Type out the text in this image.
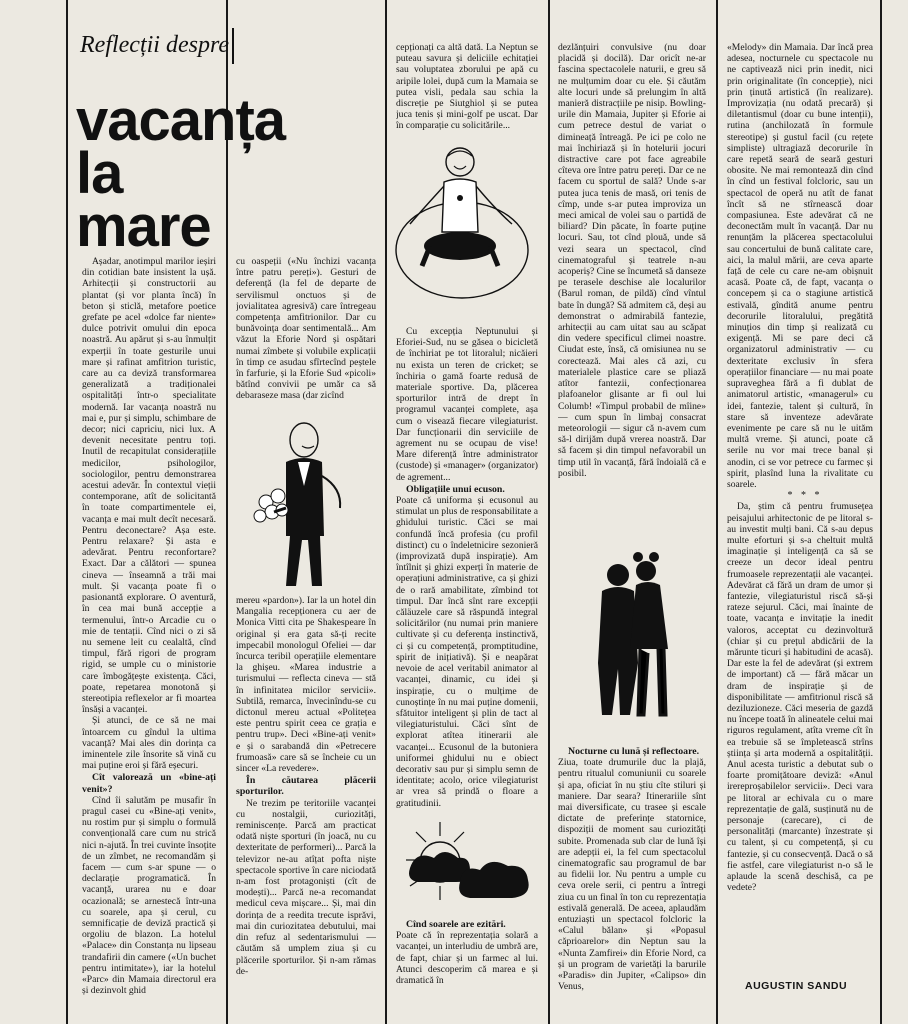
Reflecții despre
vacanța
la
mare

Așadar, anotimpul marilor ieșiri din cotidian bate insistent la ușă. Arhitecții și constructorii au plantat (și vor planta încă) în beton și sticlă, metafore poetice grefate pe acel «dolce far niente» dulce potrivit omului din epoca noastră. Au apărut și s-au înmulțit experții în toate gesturile unui mare și rafinat amfitrion turistic, care au ca deviză transformarea generalizată a tradiționalei ospitalități într-o specialitate modernă. Iar vacanța noastră nu mai e, pur și simplu, schimbare de decor; nici capriciu, nici lux. A devenit necesitate pentru toți. Inutil de recapitulat considerațiile medicilor, psihologilor, sociologilor, pentru demonstrarea acestui adevăr. În contextul vieții contemporane, atît de solicitantă în toate compartimentele ei, vacanța e mai mult decît necesară. Pentru deconectare? Așa este. Pentru relaxare? Și asta e adevărat. Pentru reconfortare? Exact. Dar a călători — spunea cineva — înseamnă a trăi mai mult. Și vacanța poate fi o pasionantă explorare. O aventură, în cea mai bună accepție a termenului, într-o Arcadie cu o mie de tentații. Cînd nici o zi să nu semene leit cu cealaltă, cînd timpul, fără rigori de program rigid, se umple cu o ministorie care îmbogățește existența. Căci, poate, repetarea monotonă și stereotipia reflexelor ar fi moartea însăși a vacanței.

Și atunci, de ce să ne mai întoarcem cu gîndul la ultima vacanță? Mai ales din dorința ca iminentele zile însorite să vină cu mai puține eroi și fără eșecuri.

Cît valorează un «bine-ați venit»?

Cînd îi salutăm pe musafir în pragul casei cu «Bine-ați venit», nu rostim pur și simplu o formulă convențională care cum nu strică nici n-ajută. În trei cuvinte însoțite de un zîmbet, ne recomandăm și facem — cum s-ar spune — o declarație programatică. În vacanță, urarea nu e doar ocazională; se arnestecă într-una cu soarele, apa și cerul, cu semnificație de deviză practică și orgoliu de blazon. La hotelul «Palace» din Constanța nu lipseau trandafirii din camere («Un buchet pentru intimitate»), iar la hotelul «Parc» din Mamaia directorul era și dezinvolt ghid

cu oaspeții («Nu închizi vacanța între patru pereți»). Gesturi de deferență (la fel de departe de servilismul onctuos și de jovialitatea agresivă) care întregeau competența amfitrionilor. Dar cu bunăvoința doar sentimentală... Am văzut la Eforie Nord și ospătari numai zîmbete și volubile explicații în timp ce asudau sfîrtecînd peștele în farfurie, și la Eforie Sud «picoli» bătînd convivii pe umăr ca să debaraseze masa (dar zicînd

mereu «pardon»). Iar la un hotel din Mangalia recepționera cu aer de Monica Vitti cita pe Shakespeare în original și era gata să-ți recite impecabil monologul Ofeliei — dar încurca teribil operațiile elementare la ghișeu. «Marea industrie a turismului — reflecta cineva — stă în infinitatea micilor servicii». Subtilă, remarca, învecinîndu-se cu dictonul mereu actual «Politețea este pentru spirit ceea ce grația e pentru trup». Deci «Bine-ați venit» e și o sarabandă din «Petrecere frumoasă» care să se încheie cu un sincer «La revedere».

În căutarea plăcerii sporturilor.

Ne trezim pe teritoriile vacanței cu nostalgii, curiozități, reminiscențe. Parcă am practicat odată niște sporturi (în joacă, nu cu dexteritate de performeri)... Parcă la televizor ne-au atîțat pofta niște spectacole sportive în care niciodată n-am fost protagoniști (cît de modești)... Parcă ne-a recomandat medicul ceva mișcare... Și, mai din dorința de a reedita trecute isprăvi, mai din curiozitatea debutului, mai din refuz al sedentarismului — căutăm să umplem ziua și cu plăcerile sporturilor. Și n-am rămas de-

cepționați ca altă dată. La Neptun se puteau savura și deliciile echitației sau voluptatea zborului pe apă cu aripile lolei, după cum la Mamaia se putea visli, pedala sau schia la discreție pe Siutghiol și se putea juca tenis și mini-golf pe uscat. Dar în comparație cu solicitările...

Cu excepția Neptunului și Eforiei-Sud, nu se găsea o bicicletă de închiriat pe tot litoralul; nicăieri nu exista un teren de cricket; se închiria o gamă foarte redusă de materiale sportive. Da, plăcerea sporturilor intră de drept în programul vacanței complete, așa cum o visează fiecare vilegiaturist. Dar funcționarii din serviciile de agrement nu se ocupau de vise! Mare diferență între administrator (custode) și «manager» (organizator) de agrement...

Obligațiile unui ecuson.

Poate că uniforma și ecusonul au stimulat un plus de responsabilitate a ghidului turistic. Căci se mai confundă încă profesia (cu profil distinct) cu o îndeletnicire sezonieră (improvizată după inspirație). Am întîlnit și ghizi experți în materie de operațiuni administrative, ca și ghizi de o rară amabilitate, zîmbind tot timpul. Dar încă sînt rare excepții căläuzele care să răspundă integral solicitărilor (nu numai prin maniere cultivate și cu deferența instinctivă, ci și cu competență, promptitudine, spirit de inițiativă). Și e neapărat nevoie de acel veritabil animator al vacanței, dinamic, cu idei și inspirație, cu o mulțime de cunoștințe în nu mai puține domenii, sfătuitor inteligent și plin de tact al vilegiaturistului. Căci sînt de explorat atîtea itinerarii ale vacanței... Ecusonul de la butoniera uniformei ghidului nu e obiect decorativ sau pur și simplu semn de identitate; acolo, orice vilegiaturist ar vrea să prindă o floare a gratitudinii.

Cînd soarele are ezitări.

Poate că în reprezentația solară a vacanței, un interludiu de umbră are, de fapt, chiar și un farmec al lui. Atunci descoperim că marea e și dramatică în

dezlănțuiri convulsive (nu doar placidă și docilă). Dar oricît ne-ar fascina spectacolele naturii, e greu să ne mulțumim doar cu ele. Și căutăm alte locuri unde să prelungim în altă manieră distracțiile pe nisip. Bowling-urile din Mamaia, Jupiter și Eforie ai cum petrece destul de variat o dimineață întreagă. Pe ici pe colo ne mai închiriază și în hotelurii jocuri distractive care pot face agreabile cîteva ore între patru pereți. Dar ce ne facem cu sportul de sală? Unde s-ar putea juca tenis de masă, ori tenis de cîmp, unde s-ar putea improviza un meci amical de volei sau o partidă de biliard? Din păcate, în foarte puține locuri. Sau, tot cînd plouă, unde să vezi seara un spectacol, cînd cinematograful și teatrele n-au acoperiș? Cine se încumetă să danseze pe terasele deschise ale localurilor (Barul roman, de pildă) cînd vîntul bate în dungă? Să admitem că, deși au demonstrat o admirabilă fantezie, arhitecții au cam uitat sau au scăpat din vedere specificul climei noastre. Ciudat este, însă, că omisiunea nu se corectează. Mai ales că azi, cu materialele plastice care se pliază atîtor fantezii, confecționarea plafoanelor glisante ar fi oul lui Columb! «Timpul probabil de mîine» — cum spun în limbaj consacrat meteorologii — sigur că n-avem cum să-l dirijăm după vrerea noastră. Dar să facem și din timpul nefavorabil un timp util în vacanță, fără îndoială că e posibil.

Nocturne cu lună și reflectoare.

Ziua, toate drumurile duc la plajă, pentru ritualul comuniunii cu soarele și apa, oficiat în nu știu cîte stiluri și maniere. Dar seara? Itinerariile sînt mai diversificate, cu trasee și escale dictate de preferințe statornice, dispoziții de moment sau curiozități subite. Promenada sub clar de lună își are adepții ei, la fel cum spectacolul cinematografic sau programul de bar au fidelii lor. Nu pentru a umple cu ceva orele serii, ci pentru a întregi ziua cu un final în ton cu reprezentația estivală generală. De aceea, aplaudăm entuziaști un spectacol folcloric la «Calul bălan» și «Popasul căprioarelor» din Neptun sau la «Nunta Zamfirei» din Eforie Nord, ca și un program de varietăți la barurile «Paradis» din Jupiter, «Calipso» din Venus,

«Melody» din Mamaia. Dar încă prea adesea, nocturnele cu spectacole nu ne captivează nici prin inedit, nici prin originalitate (în concepție), nici prin ținută artistică (în realizare). Improvizația (nu odată precară) și diletantismul (doar cu bune intenții), rutina (anchilozată în formule stereotipe) și gustul facil (cu rețete simpliste) ultragiază decorurile în care repetă seară de seară gesturi obosite. Ne mai remontează din cînd în cînd un festival folcloric, sau un spectacol de operă nu atît de fanat încît să ne stîrnească doar compasiunea. Este adevărat că ne deconectăm mult în vacanță. Dar nu renunțăm la plăcerea spectacolului sau concertului de bună calitate care, aici, la malul mării, are ceva aparte față de cele cu care ne-am obișnuit acasă. Poate că, de fapt, vacanța o concepem și ca o stagiune artistică estivală, gîndită anume pentru decorurile litoralului, pregătită minuțios din timp și realizată cu exigență. Mi se pare deci că organizatorul administrativ — cu dexteritate exclusiv în sfera operațiilor financiare — nu mai poate supraveghea fără a fi dublat de animatorul artistic, «managerul» cu idei, fantezie, talent și cultură, în stare să inventeze adevărate evenimente pe care să nu le uităm multă vreme. Și atunci, poate că serile nu vor mai trece banal și anodin, ci se vor petrece cu farmec și spirit, plasînd luna la rivalitate cu soarele.

* * *

Da, știm că pentru frumusețea peisajului arhitectonic de pe litoral s-au investit mulți bani. Că s-au depus multe eforturi și s-a cheltuit multă imaginație și inteligență ca să se creeze un decor ideal pentru frumoasele reprezentații ale vacanței. Adevărat că fără un dram de umor și fantezie, vilegiaturistul riscă să-și rateze sejurul. Căci, mai înainte de toate, vacanța e invitație la inedit valoros, acceptat cu dezinvoltură (chiar și cu prețul abdicării de la mărunte ticuri și habitudini de acasă). Dar este la fel de adevărat (și extrem de important) că — fără măcar un dram de inspirație și de disponibilitate — amfitrionul riscă să deziluzioneze. Căci meseria de gazdă nu începe toată în alineatele celui mai riguros regulament, atîta vreme cît în ea trebuie să se împletească strîns știința și arta modernă a ospitalității. Anul acesta turistic a debutat sub o foarte promițătoare deviză: «Anul irereproșabilelor servicii». Deci vara pe litoral ar echivala cu o mare reprezentație de gală, susținută nu de personaje (carecare), ci de personalități (marcante) înzestrate și cu talent, și cu competență, și cu fantezie, și cu consecvență. Dacă o să fie astfel, care vilegiaturist n-o să le aplaude la scenă deschisă, ca pe vedete?

AUGUSTIN SANDU
